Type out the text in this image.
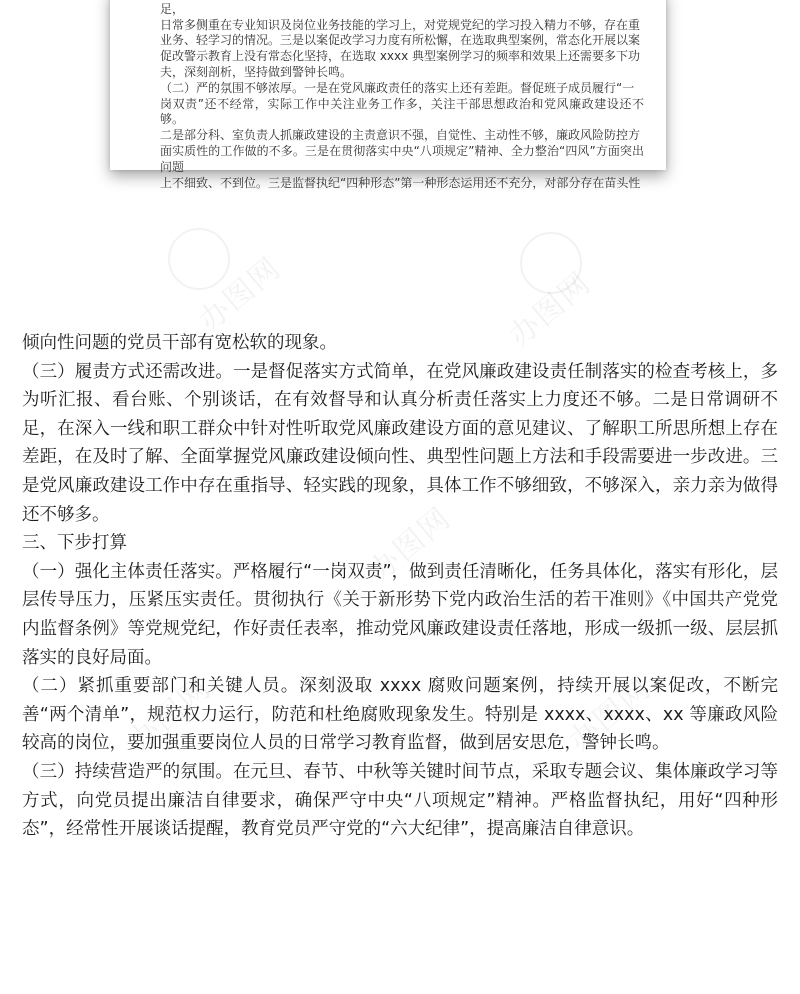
足，

日常多侧重在专业知识及岗位业务技能的学习上，对党规党纪的学习投入精力不够，存在重

业务、轻学习的情况。三是以案促改学习力度有所松懈，在选取典型案例，常态化开展以案

促改警示教育上没有常态化坚持，在选取 xxxx 典型案例学习的频率和效果上还需要多下功

夫，深刻剖析，坚持做到警钟长鸣。

（二）严的氛围不够浓厚。一是在党风廉政责任的落实上还有差距。督促班子成员履行“一

岗双责”还不经常，实际工作中关注业务工作多，关注干部思想政治和党风廉政建设还不够。

二是部分科、室负责人抓廉政建设的主责意识不强，自觉性、主动性不够，廉政风险防控方

面实质性的工作做的不多。三是在贯彻落实中央“八项规定”精神、全力整治“四风”方面突出问题

上不细致、不到位。三是监督执纪“四种形态”第一种形态运用还不充分，对部分存在苗头性

办图网	办图网
办图网
办图网	办图网

倾向性问题的党员干部有宽松软的现象。

（三）履责方式还需改进。一是督促落实方式简单，在党风廉政建设责任制落实的检查考核上，多为听汇报、看台账、个别谈话，在有效督导和认真分析责任落实上力度还不够。二是日常调研不足，在深入一线和职工群众中针对性听取党风廉政建设方面的意见建议、了解职工所思所想上存在差距，在及时了解、全面掌握党风廉政建设倾向性、典型性问题上方法和手段需要进一步改进。三是党风廉政建设工作中存在重指导、轻实践的现象，具体工作不够细致，不够深入，亲力亲为做得还不够多。

三、下步打算

（一）强化主体责任落实。严格履行“一岗双责”，做到责任清晰化，任务具体化，落实有形化，层层传导压力，压紧压实责任。贯彻执行《关于新形势下党内政治生活的若干准则》《中国共产党党内监督条例》等党规党纪，作好责任表率，推动党风廉政建设责任落地，形成一级抓一级、层层抓落实的良好局面。

（二）紧抓重要部门和关键人员。深刻汲取 xxxx 腐败问题案例，持续开展以案促改，不断完善“两个清单”，规范权力运行，防范和杜绝腐败现象发生。特别是 xxxx、xxxx、xx 等廉政风险较高的岗位，要加强重要岗位人员的日常学习教育监督，做到居安思危，警钟长鸣。

（三）持续营造严的氛围。在元旦、春节、中秋等关键时间节点，采取专题会议、集体廉政学习等方式，向党员提出廉洁自律要求，确保严守中央“八项规定”精神。严格监督执纪，用好“四种形态”，经常性开展谈话提醒，教育党员严守党的“六大纪律”，提高廉洁自律意识。
